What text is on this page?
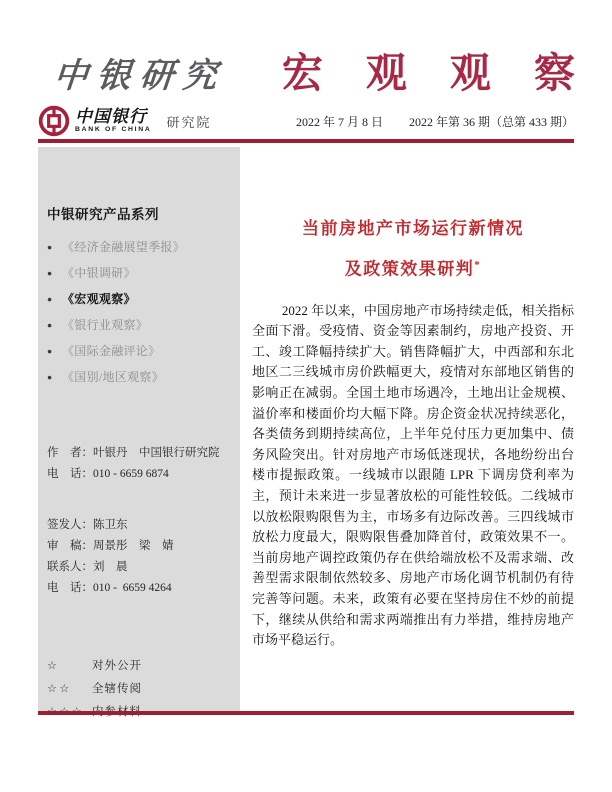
中银研究 宏 观 观 察
中国银行
BANK OF CHINA
研究院	2022 年 7 月 8 日 2022 年第 36 期（总第 433 期）
中银研究产品系列
● 《经济金融展望季报》
● 《中银调研》
● 《宏观观察》
● 《银行业观察》
● 《国际金融评论》
● 《国别/地区观察》
作　者：叶银丹　中国银行研究院
电　话：010 - 6659 6874
签发人：陈卫东
审　稿：周景彤　梁　婧
联系人：刘　晨
电　话：010 -  6659 4264
☆	对外公开
☆☆	全辖传阅
当前房地产市场运行新情况
及政策效果研判*

2022 年以来，中国房地产市场持续走低，相关指标全面下滑。受疫情、资金等因素制约，房地产投资、开工、竣工降幅持续扩大。销售降幅扩大，中西部和东北地区二三线城市房价跌幅更大，疫情对东部地区销售的影响正在减弱。全国土地市场遇冷，土地出让金规模、溢价率和楼面价均大幅下降。房企资金状况持续恶化，各类债务到期持续高位，上半年兑付压力更加集中、债务风险突出。针对房地产市场低迷现状，各地纷纷出台楼市提振政策。一线城市以跟随 LPR 下调房贷利率为主，预计未来进一步显著放松的可能性较低。二线城市以放松限购限售为主，市场多有边际改善。三四线城市放松力度最大，限购限售叠加降首付，政策效果不一。当前房地产调控政策仍存在供给端放松不及需求端、改善型需求限制依然较多、房地产市场化调节机制仍有待完善等问题。未来，政策有必要在坚持房住不炒的前提下，继续从供给和需求两端推出有力举措，维持房地产市场平稳运行。
